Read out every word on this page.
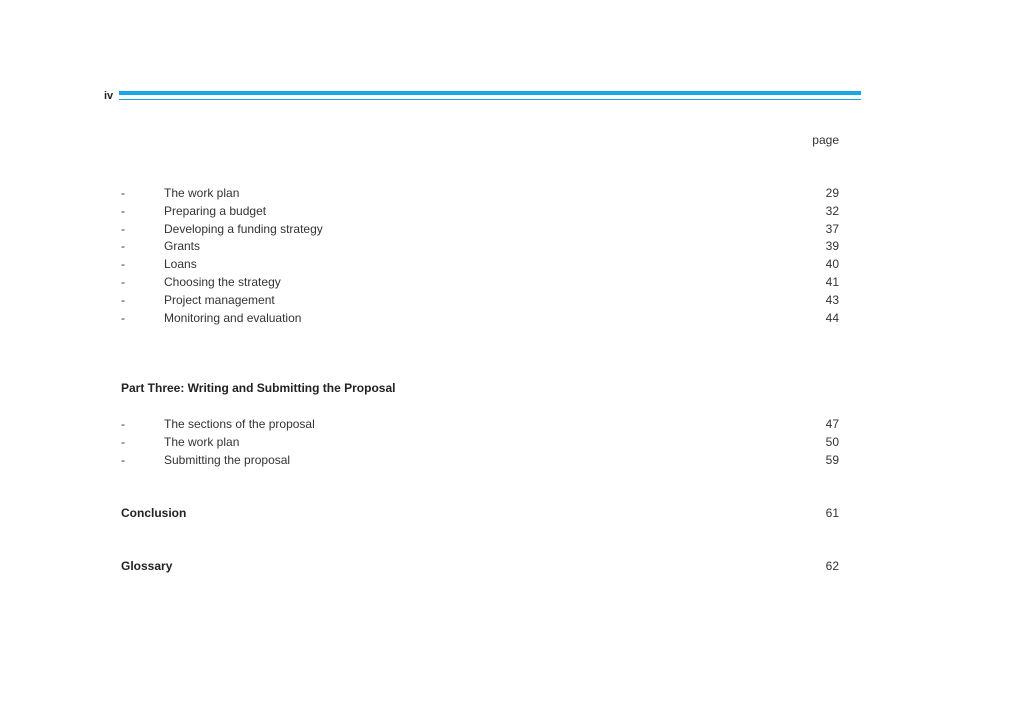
iv
page
-	The work plan	29
-	Preparing a budget	32
-	Developing a funding strategy	37
-	Grants	39
-	Loans	40
-	Choosing the strategy	41
-	Project management	43
-	Monitoring and evaluation	44
Part Three: Writing and Submitting the Proposal
-	The sections of the proposal	47
-	The work plan	50
-	Submitting the proposal	59
Conclusion	61
Glossary	62
